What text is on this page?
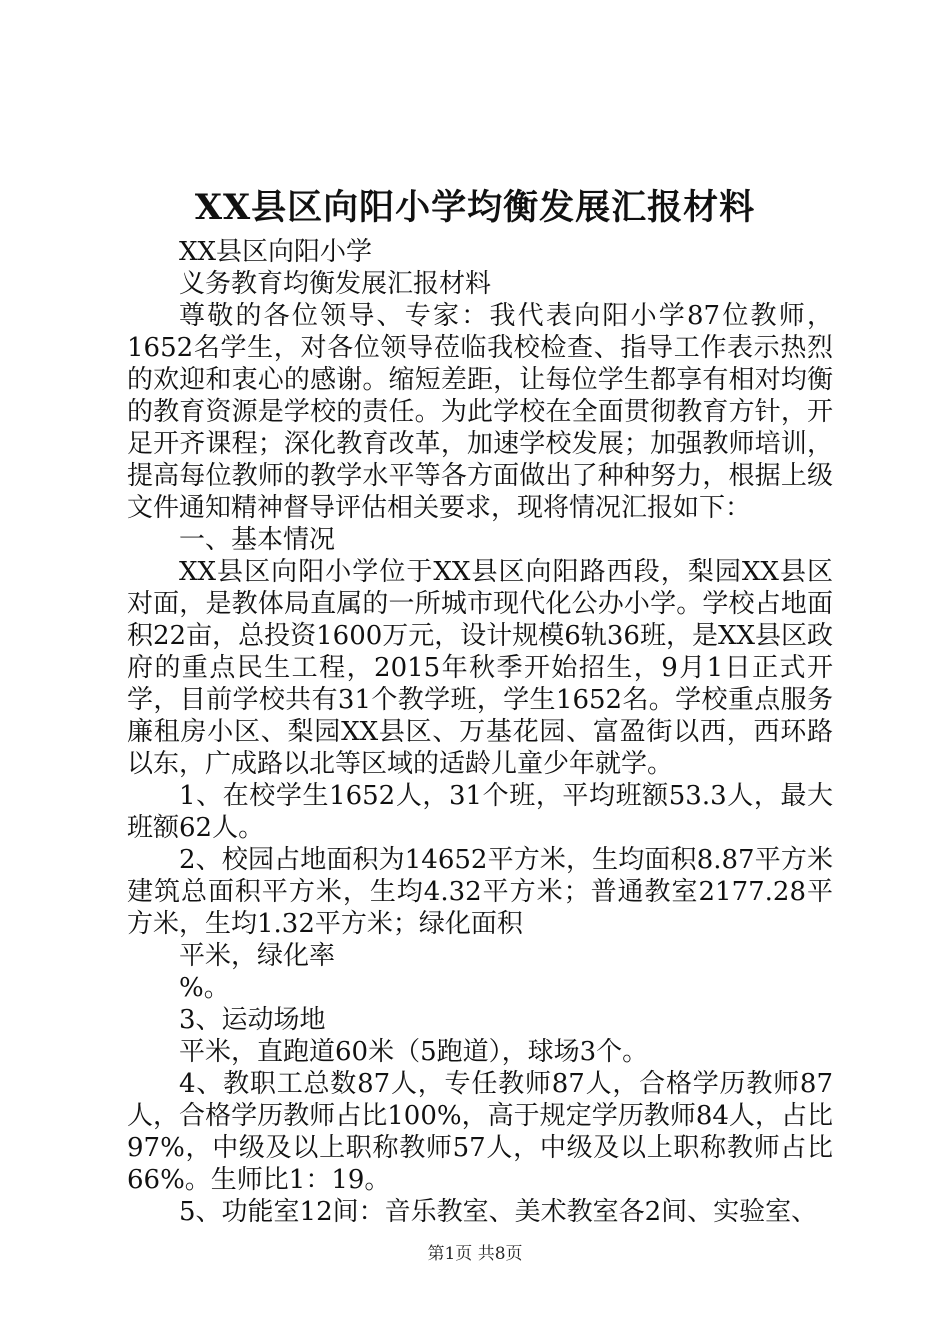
XX县区向阳小学均衡发展汇报材料

XX县区向阳小学

义务教育均衡发展汇报材料

尊敬的各位领导、专家：我代表向阳小学87位教师，1652名学生，对各位领导莅临我校检查、指导工作表示热烈的欢迎和衷心的感谢。缩短差距，让每位学生都享有相对均衡的教育资源是学校的责任。为此学校在全面贯彻教育方针，开足开齐课程；深化教育改革，加速学校发展；加强教师培训，提高每位教师的教学水平等各方面做出了种种努力，根据上级文件通知精神督导评估相关要求，现将情况汇报如下：

一、基本情况

XX县区向阳小学位于XX县区向阳路西段，梨园XX县区对面，是教体局直属的一所城市现代化公办小学。学校占地面积22亩，总投资1600万元，设计规模6轨36班，是XX县区政府的重点民生工程，2015年秋季开始招生，9月1日正式开学，目前学校共有31个教学班，学生1652名。学校重点服务廉租房小区、梨园XX县区、万基花园、富盈街以西，西环路以东，广成路以北等区域的适龄儿童少年就学。

1、在校学生1652人，31个班，平均班额53.3人，最大班额62人。

2、校园占地面积为14652平方米，生均面积8.87平方米建筑总面积平方米，生均4.32平方米；普通教室2177.28平方米，生均1.32平方米；绿化面积

平米，绿化率

%。

3、运动场地

平米，直跑道60米（5跑道），球场3个。

4、教职工总数87人，专任教师87人，合格学历教师87人，合格学历教师占比100%，高于规定学历教师84人，占比97%，中级及以上职称教师57人，中级及以上职称教师占比66%。生师比1：19。

5、功能室12间：音乐教室、美术教室各2间、实验室、

第1页 共8页
